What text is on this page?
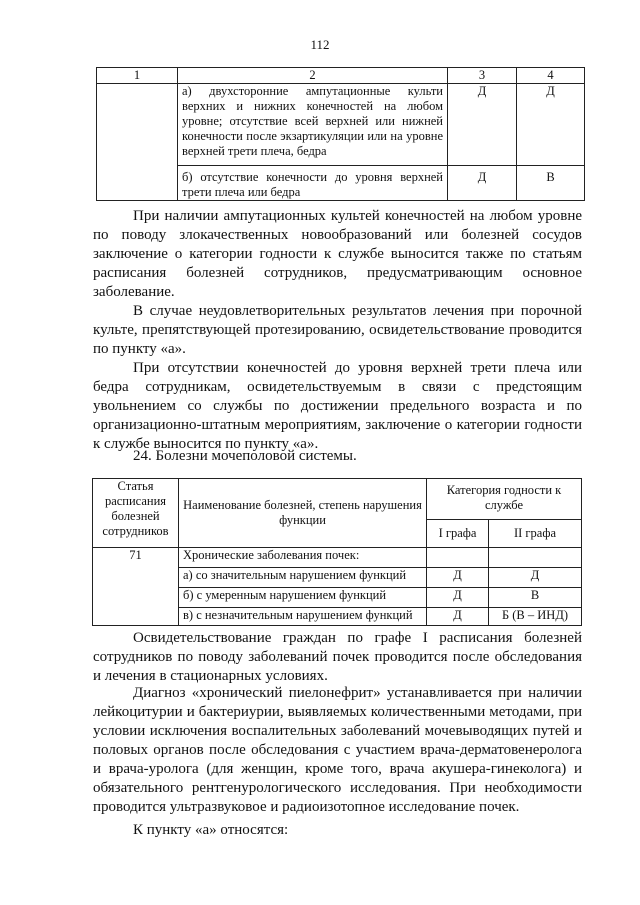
112
1	2	3	4
	а) двухсторонние ампутационные культи верхних и нижних конечностей на любом уровне; отсутствие всей верхней или нижней конечности после экзартикуляции или на уровне верхней трети плеча, бедра	Д	Д
	б) отсутствие конечности до уровня верхней трети плеча или бедра	Д	В

При наличии ампутационных культей конечностей на любом уровне по поводу злокачественных новообразований или болезней сосудов заключение о категории годности к службе выносится также по статьям расписания болезней сотрудников, предусматривающим основное заболевание.

В случае неудовлетворительных результатов лечения при порочной культе, препятствующей протезированию, освидетельствование проводится по пункту «а».

При отсутствии конечностей до уровня верхней трети плеча или бедра сотрудникам, освидетельствуемым в связи с предстоящим увольнением со службы по достижении предельного возраста и по организационно-штатным мероприятиям, заключение о категории годности к службе выносится по пункту «а».

24. Болезни мочеполовой системы.

Статья расписания болезней сотрудников	Наименование болезней, степень нарушения функции	Категория годности к службе	
		I графа	II графа
71	Хронические заболевания почек:		
	а) со значительным нарушением функций	Д	Д
	б) с умеренным нарушением функций	Д	В
	в) с незначительным нарушением функций	Д	Б (В – ИНД)

Освидетельствование граждан по графе I расписания болезней сотрудников по поводу заболеваний почек проводится после обследования и лечения в стационарных условиях.

Диагноз «хронический пиелонефрит» устанавливается при наличии лейкоцитурии и бактериурии, выявляемых количественными методами, при условии исключения воспалительных заболеваний мочевыводящих путей и половых органов после обследования с участием врача-дерматовенеролога и врача-уролога (для женщин, кроме того, врача акушера-гинеколога) и обязательного рентгенурологического исследования. При необходимости проводится ультразвуковое и радиоизотопное исследование почек.

К пункту «а» относятся:
